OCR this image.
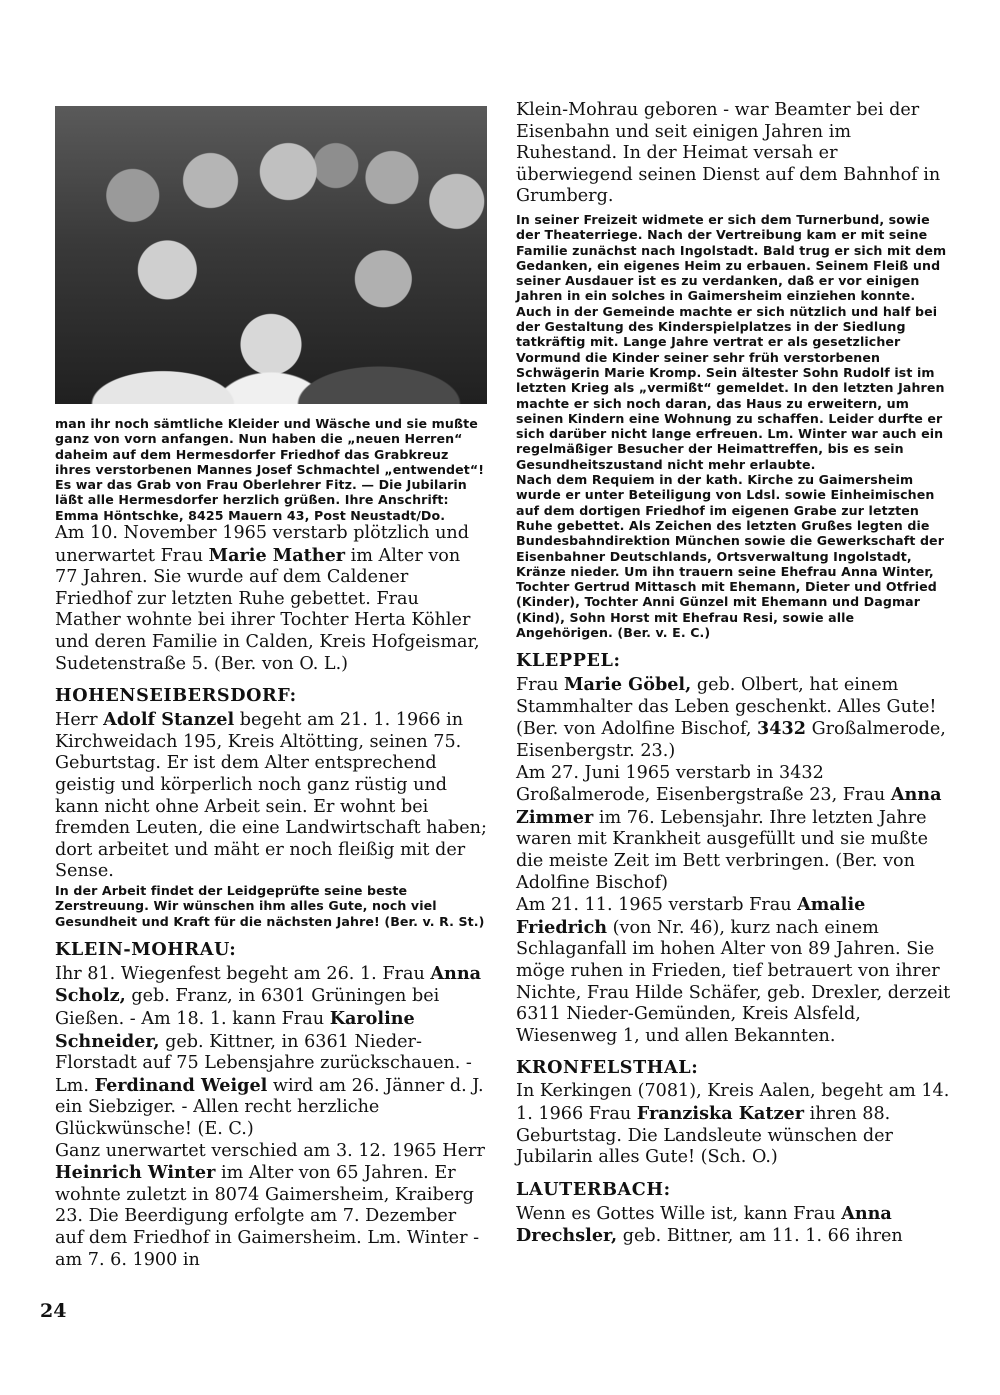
man ihr noch sämtliche Kleider und Wäsche und sie mußte ganz von vorn anfangen. Nun haben die „neuen Herren“ daheim auf dem Hermesdorfer Friedhof das Grabkreuz ihres verstorbenen Mannes Josef Schmachtel „entwendet“! Es war das Grab von Frau Oberlehrer Fitz. — Die Jubilarin läßt alle Hermesdorfer herzlich grüßen. Ihre Anschrift: Emma Höntschke, 8425 Mauern 43, Post Neustadt/Do.

Am 10. November 1965 verstarb plötzlich und unerwartet Frau Marie Mather im Alter von 77 Jahren. Sie wurde auf dem Caldener Friedhof zur letzten Ruhe gebettet. Frau Mather wohnte bei ihrer Tochter Herta Köhler und deren Familie in Calden, Kreis Hofgeismar, Sudetenstraße 5. (Ber. von O. L.)

HOHENSEIBERSDORF:

Herr Adolf Stanzel begeht am 21. 1. 1966 in Kirchweidach 195, Kreis Altötting, seinen 75. Geburtstag. Er ist dem Alter entsprechend geistig und körperlich noch ganz rüstig und kann nicht ohne Arbeit sein. Er wohnt bei fremden Leuten, die eine Landwirtschaft haben; dort arbeitet und mäht er noch fleißig mit der Sense.

In der Arbeit findet der Leidgeprüfte seine beste Zerstreuung. Wir wünschen ihm alles Gute, noch viel Gesundheit und Kraft für die nächsten Jahre! (Ber. v. R. St.)

KLEIN-MOHRAU:

Ihr 81. Wiegenfest begeht am 26. 1. Frau Anna Scholz, geb. Franz, in 6301 Grüningen bei Gießen. - Am 18. 1. kann Frau Karoline Schneider, geb. Kittner, in 6361 Nieder-Florstadt auf 75 Lebensjahre zurückschauen. - Lm. Ferdinand Weigel wird am 26. Jänner d. J. ein Siebziger. - Allen recht herzliche Glückwünsche! (E. C.)

Ganz unerwartet verschied am 3. 12. 1965 Herr Heinrich Winter im Alter von 65 Jahren. Er wohnte zuletzt in 8074 Gaimersheim, Kraiberg 23. Die Beerdigung erfolgte am 7. Dezember auf dem Friedhof in Gaimersheim. Lm. Winter - am 7. 6. 1900 in

Klein-Mohrau geboren - war Beamter bei der Eisenbahn und seit einigen Jahren im Ruhestand. In der Heimat versah er überwiegend seinen Dienst auf dem Bahnhof in Grumberg.

In seiner Freizeit widmete er sich dem Turnerbund, sowie der Theaterriege. Nach der Vertreibung kam er mit seine Familie zunächst nach Ingolstadt. Bald trug er sich mit dem Gedanken, ein eigenes Heim zu erbauen. Seinem Fleiß und seiner Ausdauer ist es zu verdanken, daß er vor einigen Jahren in ein solches in Gaimersheim einziehen konnte. Auch in der Gemeinde machte er sich nützlich und half bei der Gestaltung des Kinderspielplatzes in der Siedlung tatkräftig mit. Lange Jahre vertrat er als gesetzlicher Vormund die Kinder seiner sehr früh verstorbenen Schwägerin Marie Kromp. Sein ältester Sohn Rudolf ist im letzten Krieg als „vermißt“ gemeldet. In den letzten Jahren machte er sich noch daran, das Haus zu erweitern, um seinen Kindern eine Wohnung zu schaffen. Leider durfte er sich darüber nicht lange erfreuen. Lm. Winter war auch ein regelmäßiger Besucher der Heimattreffen, bis es sein Gesundheitszustand nicht mehr erlaubte.

Nach dem Requiem in der kath. Kirche zu Gaimersheim wurde er unter Beteiligung von Ldsl. sowie Einheimischen auf dem dortigen Friedhof im eigenen Grabe zur letzten Ruhe gebettet. Als Zeichen des letzten Grußes legten die Bundesbahndirektion München sowie die Gewerkschaft der Eisenbahner Deutschlands, Ortsverwaltung Ingolstadt, Kränze nieder. Um ihn trauern seine Ehefrau Anna Winter, Tochter Gertrud Mittasch mit Ehemann, Dieter und Otfried (Kinder), Tochter Anni Günzel mit Ehemann und Dagmar (Kind), Sohn Horst mit Ehefrau Resi, sowie alle Angehörigen. (Ber. v. E. C.)

KLEPPEL:

Frau Marie Göbel, geb. Olbert, hat einem Stammhalter das Leben geschenkt. Alles Gute! (Ber. von Adolfine Bischof, 3432 Großalmerode, Eisenbergstr. 23.)

Am 27. Juni 1965 verstarb in 3432 Großalmerode, Eisenbergstraße 23, Frau Anna Zimmer im 76. Lebensjahr. Ihre letzten Jahre waren mit Krankheit ausgefüllt und sie mußte die meiste Zeit im Bett verbringen. (Ber. von Adolfine Bischof)

Am 21. 11. 1965 verstarb Frau Amalie Friedrich (von Nr. 46), kurz nach einem Schlaganfall im hohen Alter von 89 Jahren. Sie möge ruhen in Frieden, tief betrauert von ihrer Nichte, Frau Hilde Schäfer, geb. Drexler, derzeit 6311 Nieder-Gemünden, Kreis Alsfeld, Wiesenweg 1, und allen Bekannten.

KRONFELSTHAL:

In Kerkingen (7081), Kreis Aalen, begeht am 14. 1. 1966 Frau Franziska Katzer ihren 88. Geburtstag. Die Landsleute wünschen der Jubilarin alles Gute! (Sch. O.)

LAUTERBACH:

Wenn es Gottes Wille ist, kann Frau Anna Drechsler, geb. Bittner, am 11. 1. 66 ihren

24
